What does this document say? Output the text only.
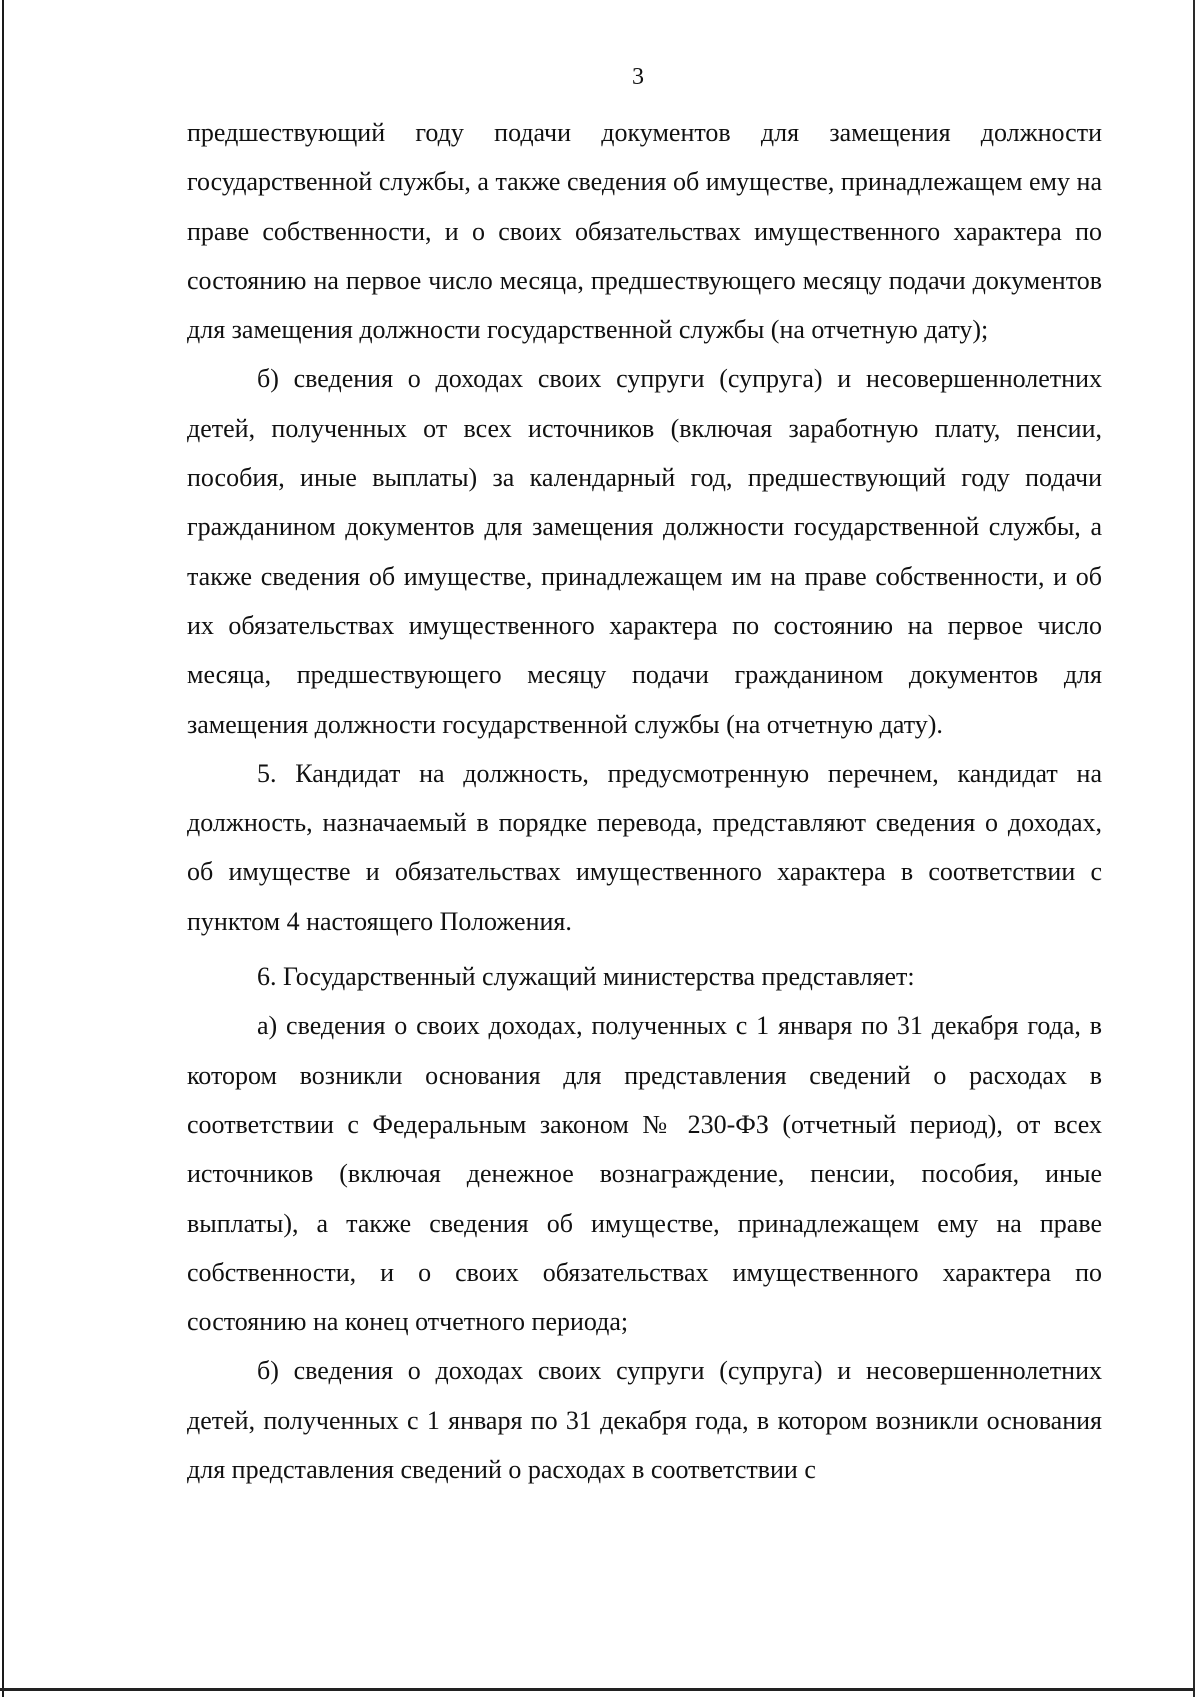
3

предшествующий году подачи документов для замещения должности государственной службы, а также сведения об имуществе, принадлежащем ему на праве собственности, и о своих обязательствах имущественного характера по состоянию на первое число месяца, предшествующего месяцу подачи документов для замещения должности государственной службы (на отчетную дату);

б) сведения о доходах своих супруги (супруга) и несовершеннолетних детей, полученных от всех источников (включая заработную плату, пенсии, пособия, иные выплаты) за календарный год, предшествующий году подачи гражданином документов для замещения должности государственной службы, а также сведения об имуществе, принадлежащем им на праве собственности, и об их обязательствах имущественного характера по состоянию на первое число месяца, предшествующего месяцу подачи гражданином документов для замещения должности государственной службы (на отчетную дату).

5. Кандидат на должность, предусмотренную перечнем, кандидат на должность, назначаемый в порядке перевода, представляют сведения о доходах, об имуществе и обязательствах имущественного характера в соответствии с пунктом 4 настоящего Положения.

6. Государственный служащий министерства представляет:

а) сведения о своих доходах, полученных с 1 января по 31 декабря года, в котором возникли основания для представления сведений о расходах в соответствии с Федеральным законом № 230-ФЗ (отчетный период), от всех источников (включая денежное вознаграждение, пенсии, пособия, иные выплаты), а также сведения об имуществе, принадлежащем ему на праве собственности, и о своих обязательствах имущественного характера по состоянию на конец отчетного периода;

б) сведения о доходах своих супруги (супруга) и несовершеннолетних детей, полученных с 1 января по 31 декабря года, в котором возникли основания для представления сведений о расходах в соответствии с
